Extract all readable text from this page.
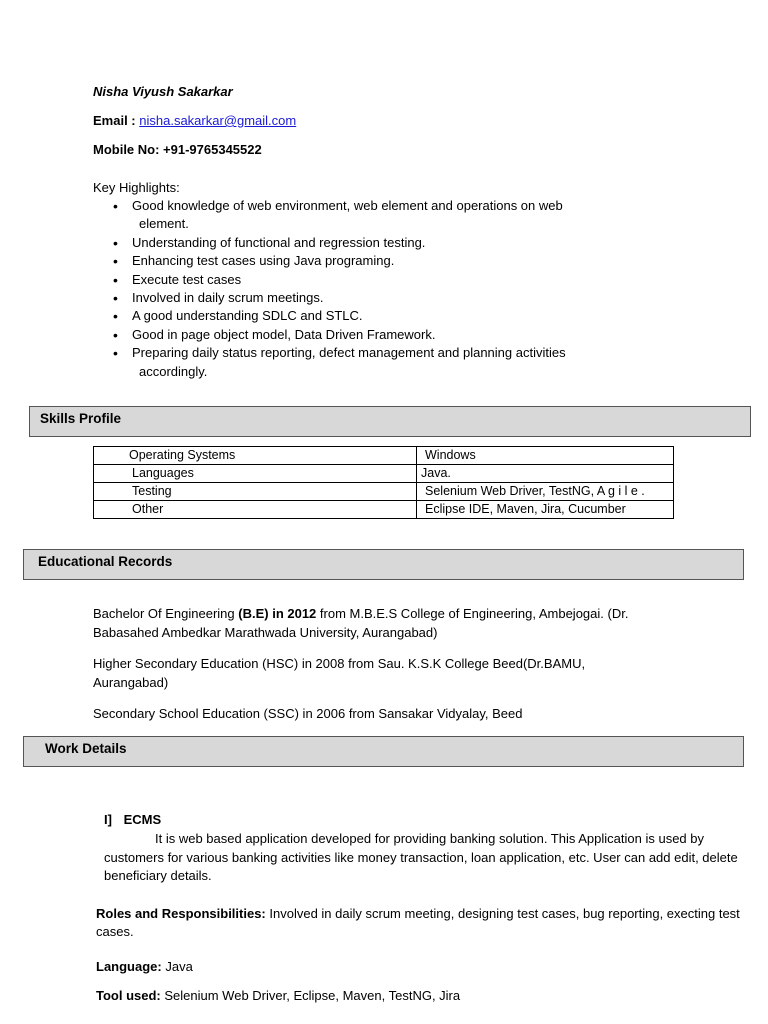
Nisha Viyush Sakarkar
Email : nisha.sakarkar@gmail.com
Mobile No: +91-9765345522
Key Highlights:
• Good knowledge of web environment, web element and operations on web
element.
• Understanding of functional and regression testing.
• Enhancing test cases using Java programing.
• Execute test cases
• Involved in daily scrum meetings.
• A good understanding SDLC and STLC.
• Good in page object model, Data Driven Framework.
• Preparing daily status reporting, defect management and planning activities
accordingly.
Skills Profile
Operating Systems	Windows
Languages	Java.
Testing	Selenium Web Driver, TestNG, A g i l e .
Other	Eclipse IDE, Maven, Jira, Cucumber
Educational Records
Bachelor Of Engineering (B.E) in 2012 from M.B.E.S College of Engineering, Ambejogai. (Dr. Babasahed Ambedkar Marathwada University, Aurangabad)
Higher Secondary Education (HSC) in 2008 from Sau. K.S.K College Beed(Dr.BAMU, Aurangabad)
Secondary School Education (SSC) in 2006 from Sansakar Vidyalay, Beed
Work Details
I] ECMS
It is web based application developed for providing banking solution. This Application is used by customers for various banking activities like money transaction, loan application, etc. User can add edit, delete beneficiary details.
Roles and Responsibilities: Involved in daily scrum meeting, designing test cases, bug reporting, execting test cases.
Language: Java
Tool used: Selenium Web Driver, Eclipse, Maven, TestNG, Jira
